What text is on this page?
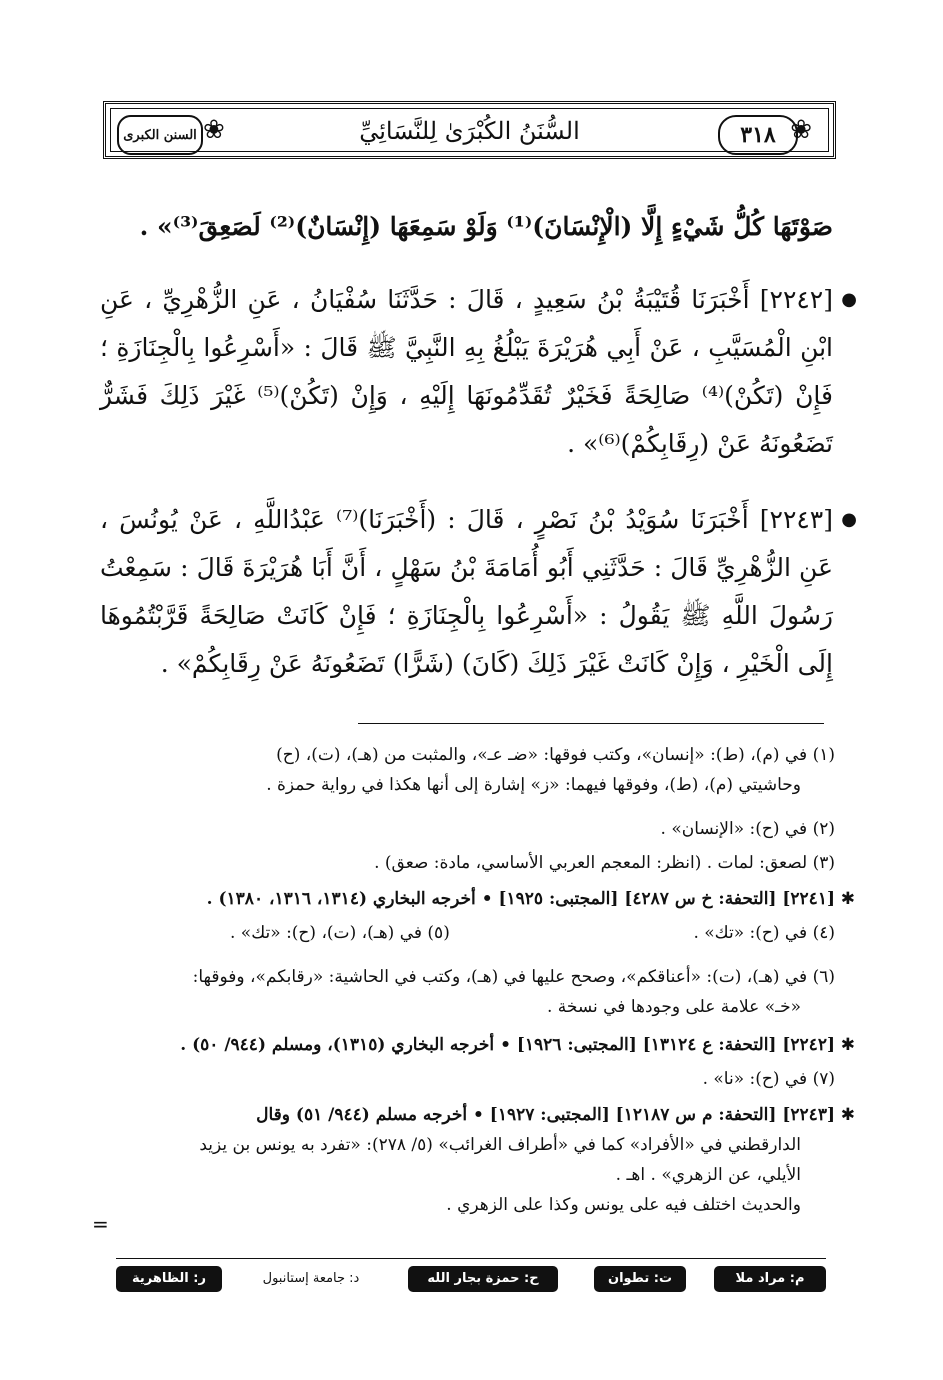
السنن الكبرى ❀	السُّنَنُ الكُبْرَىٰ لِلنَّسَائِيِّ	٣١٨ ❀
صَوْتَهَا كُلُّ شَيْءٍ إِلَّا (الْإِنْسَانَ)⁽¹⁾ وَلَوْ سَمِعَهَا (إِنْسَانٌ)⁽²⁾ لَصَعِقَ⁽³⁾» .
●
[٢٢٤٢] أَخْبَرَنَا قُتَيْبَةُ بْنُ سَعِيدٍ ، قَالَ : حَدَّثَنَا سُفْيَانُ ، عَنِ الزُّهْرِيِّ ، عَنِ ابْنِ الْمُسَيَّبِ ، عَنْ أَبِي هُرَيْرَةَ يَبْلُغُ بِهِ النَّبِيَّ ﷺ قَالَ : «أَسْرِعُوا بِالْجِنَازَةِ ؛ فَإِنْ (تَكُنْ)⁽⁴⁾ صَالِحَةً فَخَيْرٌ تُقَدِّمُونَهَا إِلَيْهِ ، وَإِنْ (تَكُنْ)⁽⁵⁾ غَيْرَ ذَلِكَ فَشَرٌّ تَضَعُونَهُ عَنْ (رِقَابِكُمْ)⁽⁶⁾» .
●
[٢٢٤٣] أَخْبَرَنَا سُوَيْدُ بْنُ نَصْرٍ ، قَالَ : (أَخْبَرَنَا)⁽⁷⁾ عَبْدُاللَّهِ ، عَنْ يُونُسَ ، عَنِ الزُّهْرِيِّ قَالَ : حَدَّثَنِي أَبُو أُمَامَةَ بْنُ سَهْلٍ ، أَنَّ أَبَا هُرَيْرَةَ قَالَ : سَمِعْتُ رَسُولَ اللَّهِ ﷺ يَقُولُ : «أَسْرِعُوا بِالْجِنَازَةِ ؛ فَإِنْ كَانَتْ صَالِحَةً قَرَّبْتُمُوهَا إِلَى الْخَيْرِ ، وَإِنْ كَانَتْ غَيْرَ ذَلِكَ (كَانَ) (شَرًّا) تَضَعُونَهُ عَنْ رِقَابِكُمْ» .
(١) في (م)، (ط): «إنسان»، وكتب فوقها: «ضـ عـ»، والمثبت من (هـ)، (ت)، (ح)
وحاشيتي (م)، (ط)، وفوقها فيهما: «ز» إشارة إلى أنها هكذا في رواية حمزة .
(٢) في (ح): «الإنسان» .
(٣) لصعق: لمات . (انظر: المعجم العربي الأساسي، مادة: صعق) .
✱
[٢٢٤١] [التحفة: خ س ٤٢٨٧] [المجتبى: ١٩٢٥] • أخرجه البخاري (١٣١٤، ١٣١٦، ١٣٨٠) .
(٤) في (ح): «تك» .
(٥) في (هـ)، (ت)، (ح): «تك» .
(٦) في (هـ)، (ت): «أعناقكم»، وصحح عليها في (هـ)، وكتب في الحاشية: «رقابكم»، وفوقها:
«خـ» علامة على وجودها في نسخة .
✱
[٢٢٤٢] [التحفة: ع ١٣١٢٤] [المجتبى: ١٩٢٦] • أخرجه البخاري (١٣١٥)، ومسلم (٩٤٤/ ٥٠) .
(٧) في (ح): «نا» .
✱
[٢٢٤٣] [التحفة: م س ١٢١٨٧] [المجتبى: ١٩٢٧] • أخرجه مسلم (٩٤٤/ ٥١) وقال
الدارقطني في «الأفراد» كما في «أطراف الغرائب» (٥/ ٢٧٨): «تفرد به يونس بن يزيد
الأيلي، عن الزهري» . اهـ .
والحديث اختلف فيه على يونس وكذا على الزهري .
=
م: مراد ملا
ت: تطوان
ح: حمزة بجار الله
د: جامعة إستانبول
ر: الظاهرية
